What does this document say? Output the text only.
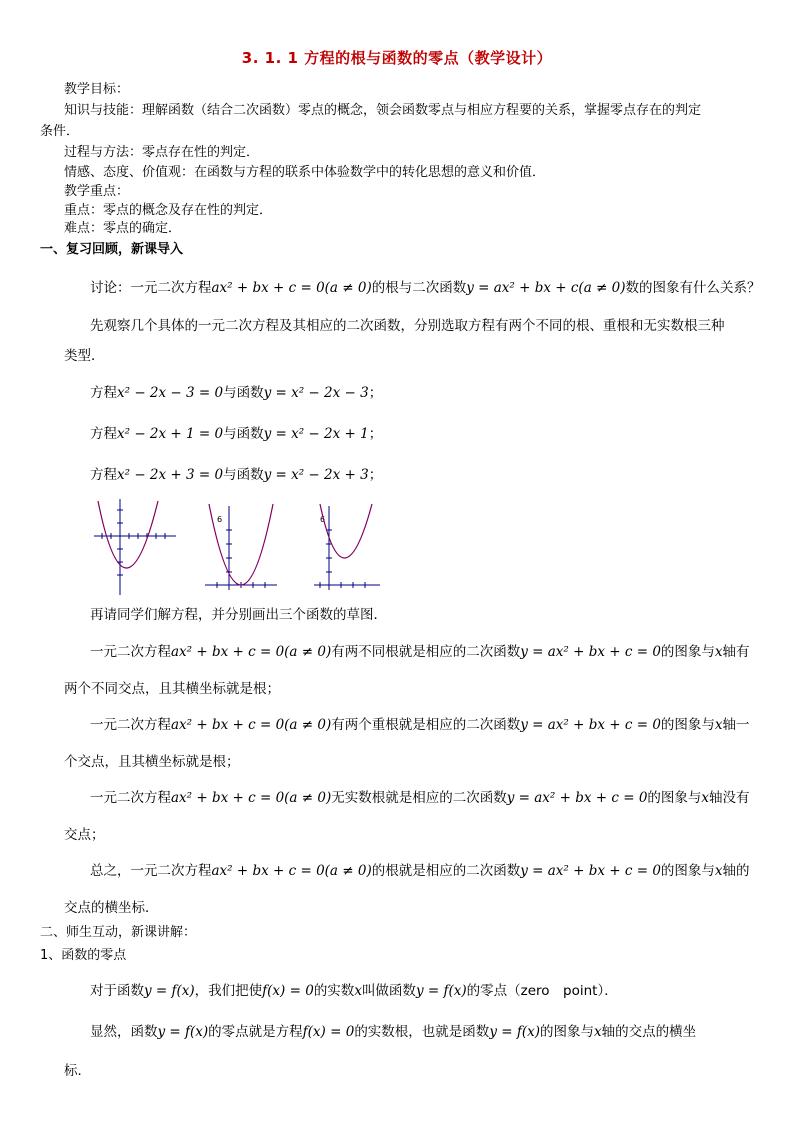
3. 1. 1 方程的根与函数的零点（教学设计）
教学目标：
知识与技能：理解函数（结合二次函数）零点的概念，领会函数零点与相应方程要的关系，掌握零点存在的判定
条件．
过程与方法：零点存在性的判定．
情感、态度、价值观：在函数与方程的联系中体验数学中的转化思想的意义和价值．
教学重点：
重点：零点的概念及存在性的判定．
难点：零点的确定．
一、复习回顾，新课导入
讨论：一元二次方程ax² + bx + c = 0(a ≠ 0)的根与二次函数y = ax² + bx + c(a ≠ 0)数的图象有什么关系？
先观察几个具体的一元二次方程及其相应的二次函数，分别选取方程有两个不同的根、重根和无实数根三种
类型．
方程x² − 2x − 3 = 0与函数y = x² − 2x − 3；
方程x² − 2x + 1 = 0与函数y = x² − 2x + 1；
方程x² − 2x + 3 = 0与函数y = x² − 2x + 3；
6	6
再请同学们解方程，并分别画出三个函数的草图．
一元二次方程ax² + bx + c = 0(a ≠ 0)有两不同根就是相应的二次函数y = ax² + bx + c = 0的图象与x轴有
两个不同交点，且其横坐标就是根；
一元二次方程ax² + bx + c = 0(a ≠ 0)有两个重根就是相应的二次函数y = ax² + bx + c = 0的图象与x轴一
个交点，且其横坐标就是根；
一元二次方程ax² + bx + c = 0(a ≠ 0)无实数根就是相应的二次函数y = ax² + bx + c = 0的图象与x轴没有
交点；
总之，一元二次方程ax² + bx + c = 0(a ≠ 0)的根就是相应的二次函数y = ax² + bx + c = 0的图象与x轴的
交点的横坐标．
二、师生互动，新课讲解：
1、函数的零点
对于函数y = f(x)，我们把使f(x) = 0的实数x叫做函数y = f(x)的零点（zero　point）．
显然，函数y = f(x)的零点就是方程f(x) = 0的实数根，也就是函数y = f(x)的图象与x轴的交点的横坐
标．
